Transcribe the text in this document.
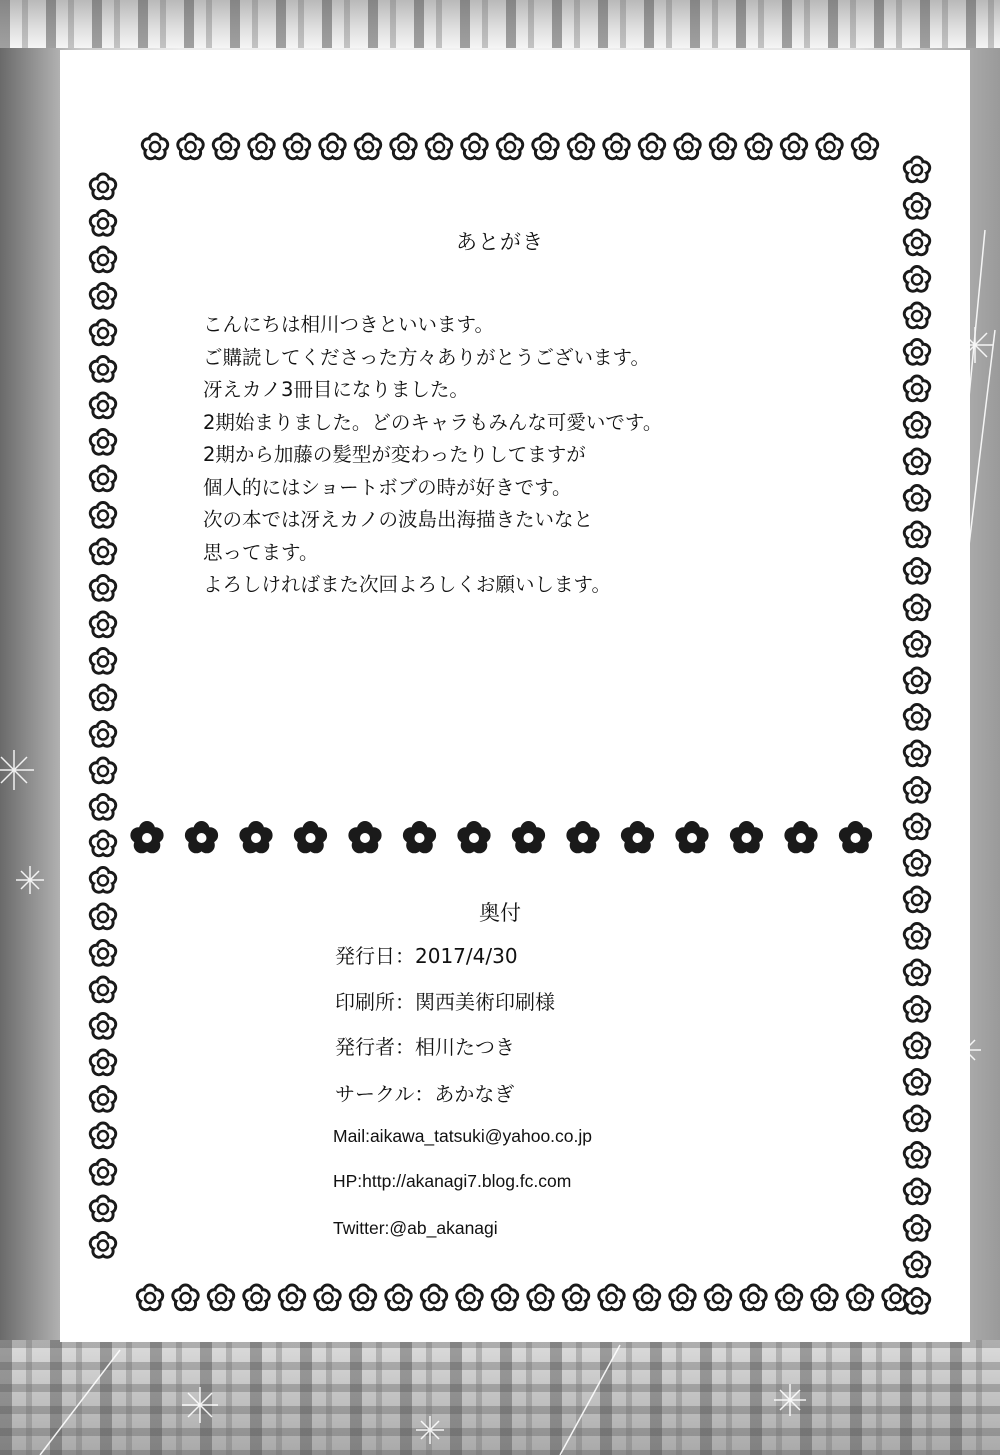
あとがき
こんにちは相川つきといいます。
ご購読してくださった方々ありがとうございます。
冴えカノ3冊目になりました。
2期始まりました。どのキャラもみんな可愛いです。
2期から加藤の髪型が変わったりしてますが
個人的にはショートボブの時が好きです。
次の本では冴えカノの波島出海描きたいなと
思ってます。
よろしければまた次回よろしくお願いします。
奥付
発行日：2017/4/30
印刷所：関西美術印刷様
発行者：相川たつき
サークル：あかなぎ
Mail:aikawa_tatsuki@yahoo.co.jp
HP:http://akanagi7.blog.fc.com
Twitter:@ab_akanagi
